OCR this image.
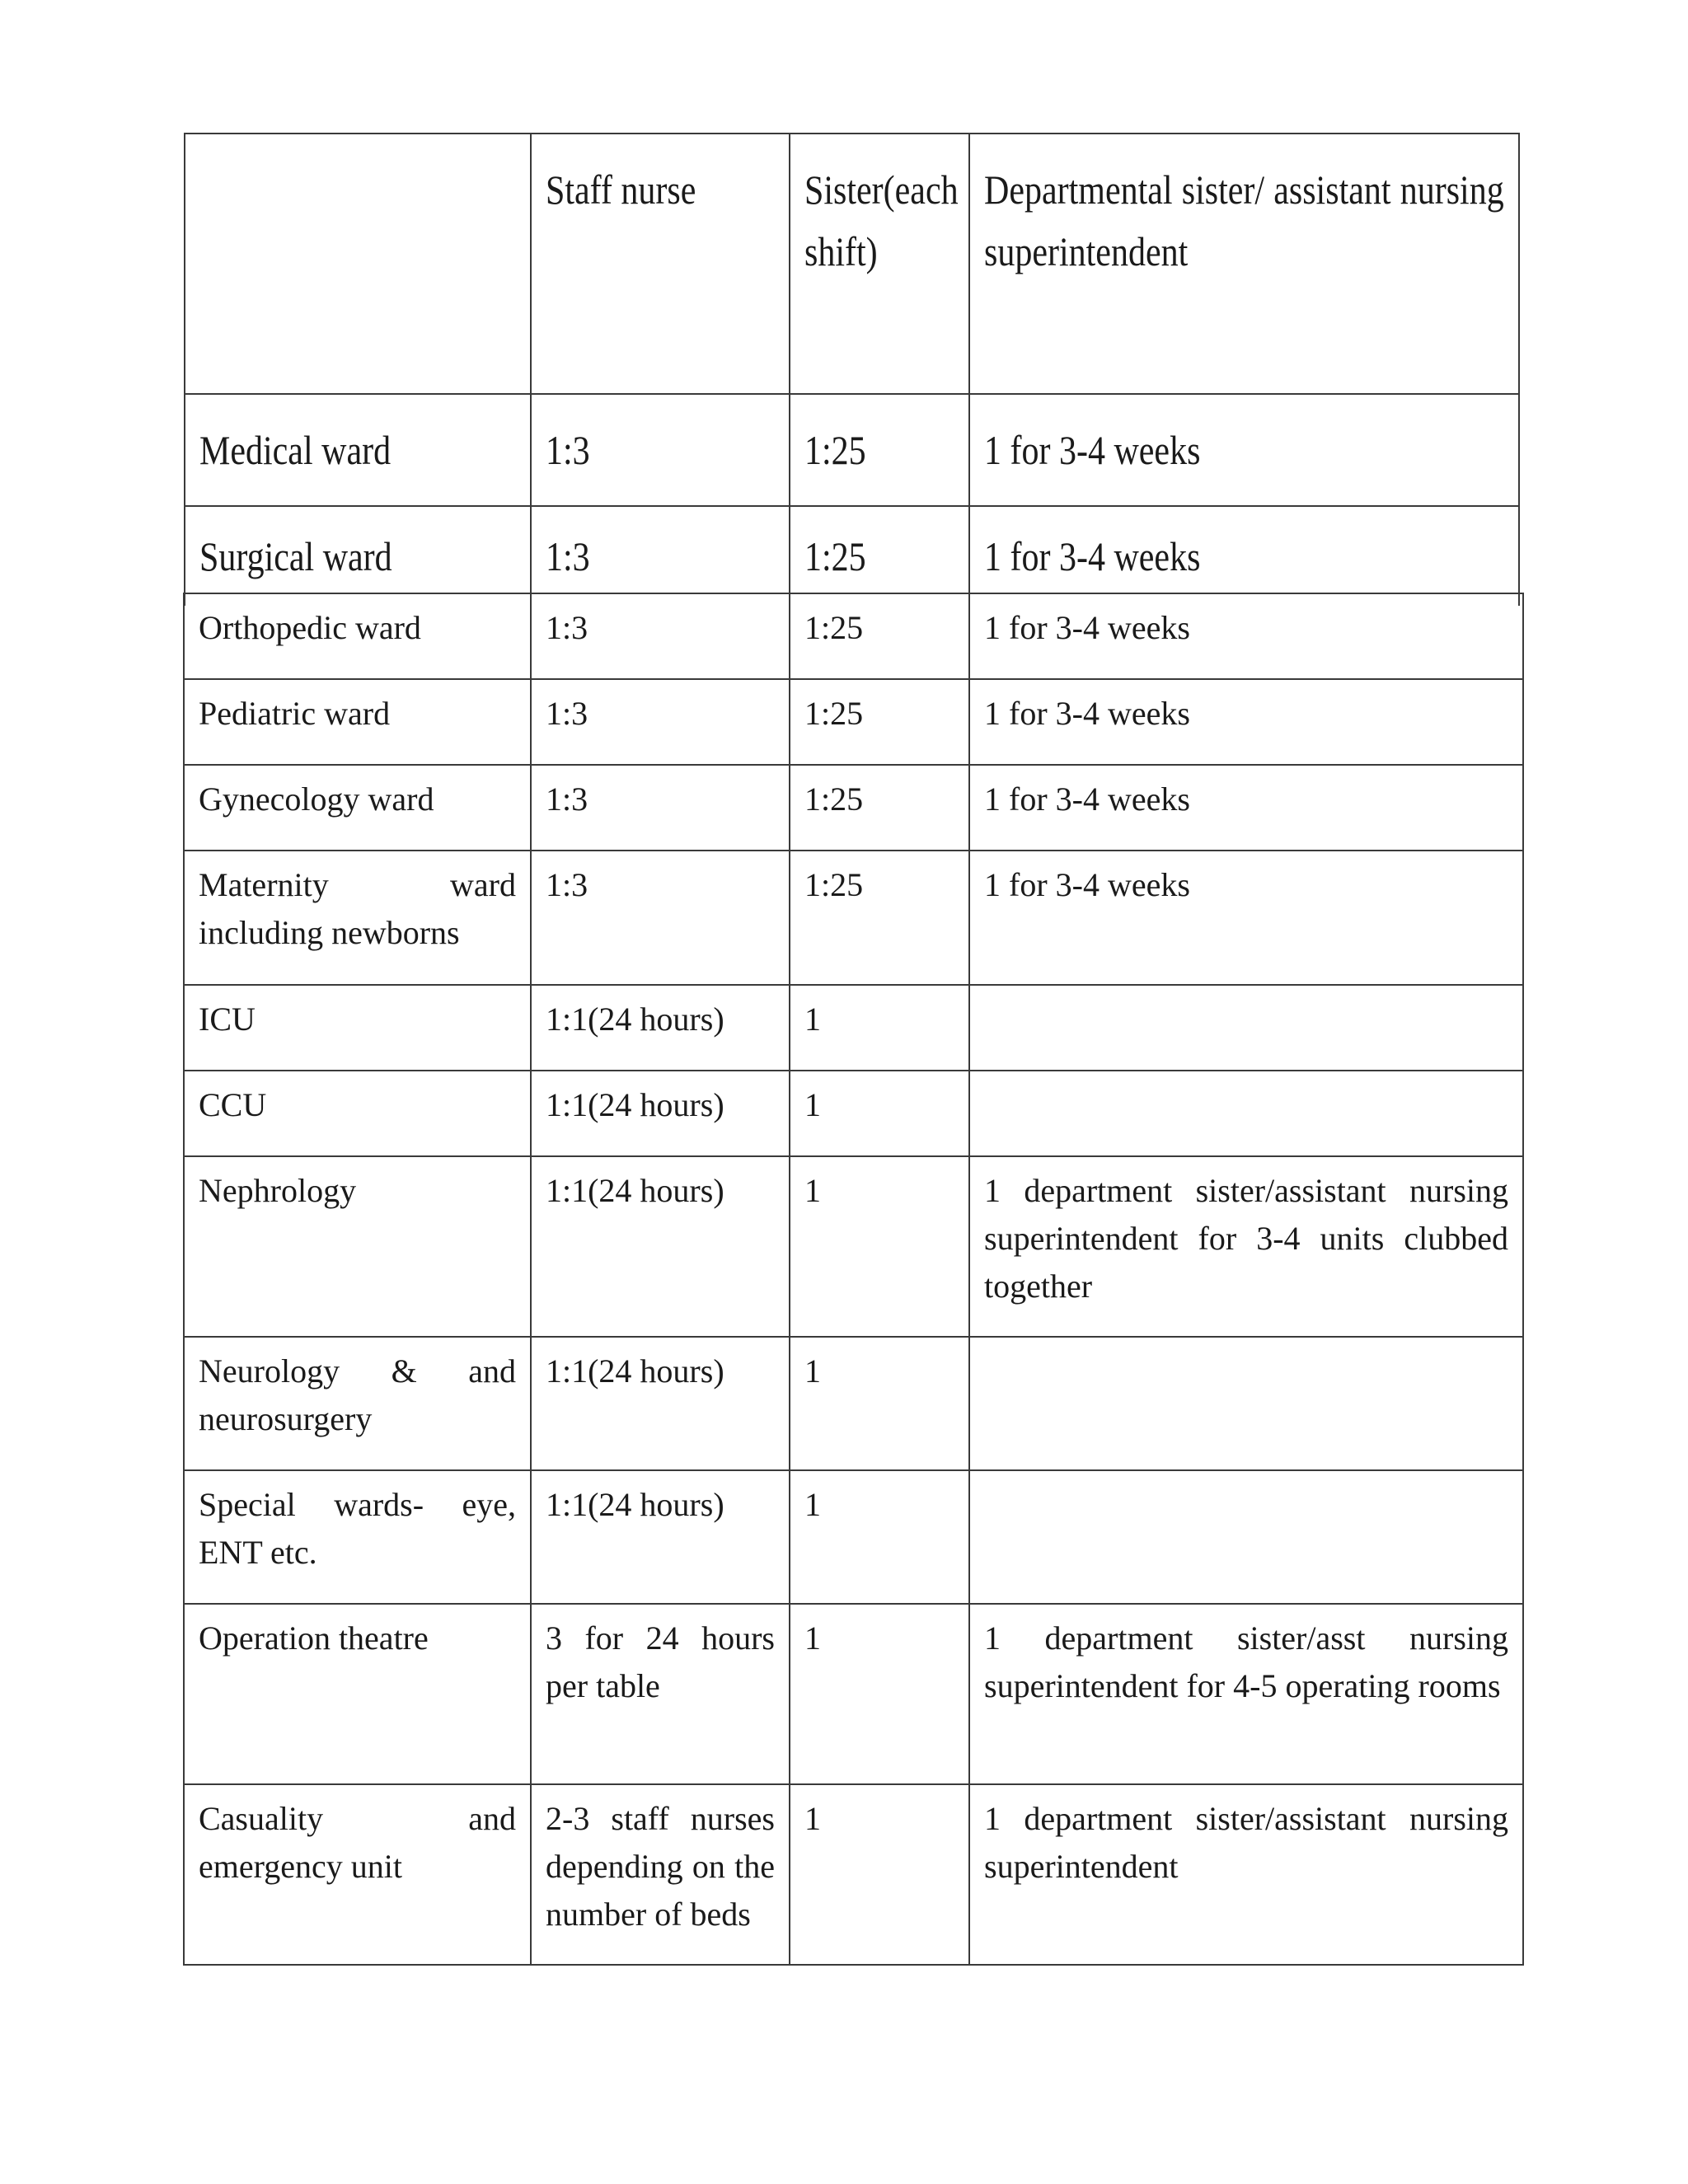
	Staff nurse	Sister(each shift)	Departmental sister/ assistant nursing superintendent

Medical ward	1:3	1:25	1 for 3-4 weeks
Surgical ward	1:3	1:25	1 for 3-4 weeks
Orthopedic ward	1:3	1:25	1 for 3-4 weeks
Pediatric ward	1:3	1:25	1 for 3-4 weeks
Gynecology ward	1:3	1:25	1 for 3-4 weeks
Maternity ward including newborns	1:3	1:25	1 for 3-4 weeks
ICU	1:1(24 hours)	1	
CCU	1:1(24 hours)	1	
Nephrology	1:1(24 hours)	1	1 department sister/assistant nursing superintendent for 3-4 units clubbed together
Neurology & and neurosurgery	1:1(24 hours)	1	
Special wards- eye, ENT etc.	1:1(24 hours)	1	
Operation theatre	3 for 24 hours per table	1	1 department sister/asst nursing superintendent for 4-5 operating rooms
Casuality and emergency unit	2-3 staff nurses depending on the number of beds	1	1 department sister/assistant nursing superintendent
